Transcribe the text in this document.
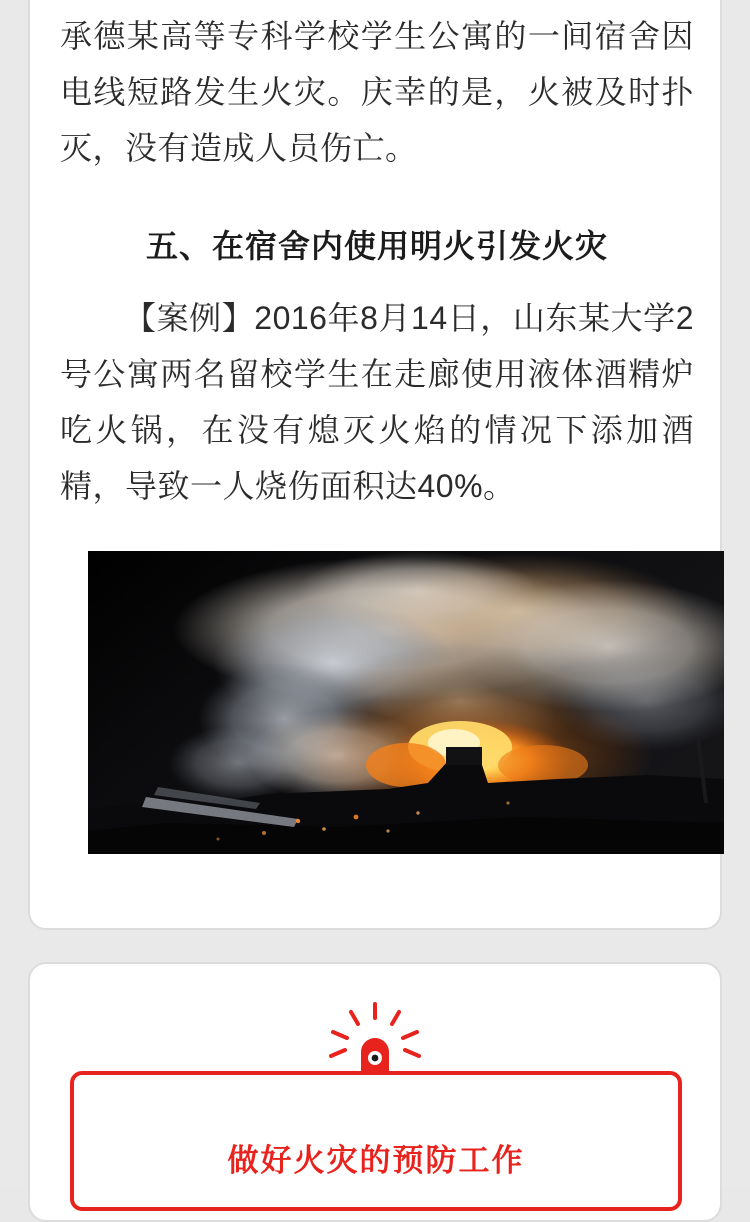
承德某高等专科学校学生公寓的一间宿舍因电线短路发生火灾。庆幸的是，火被及时扑灭，没有造成人员伤亡。

五、在宿舍内使用明火引发火灾

【案例】2016年8月14日，山东某大学2号公寓两名留校学生在走廊使用液体酒精炉吃火锅，在没有熄灭火焰的情况下添加酒精，导致一人烧伤面积达40%。

做好火灾的预防工作
